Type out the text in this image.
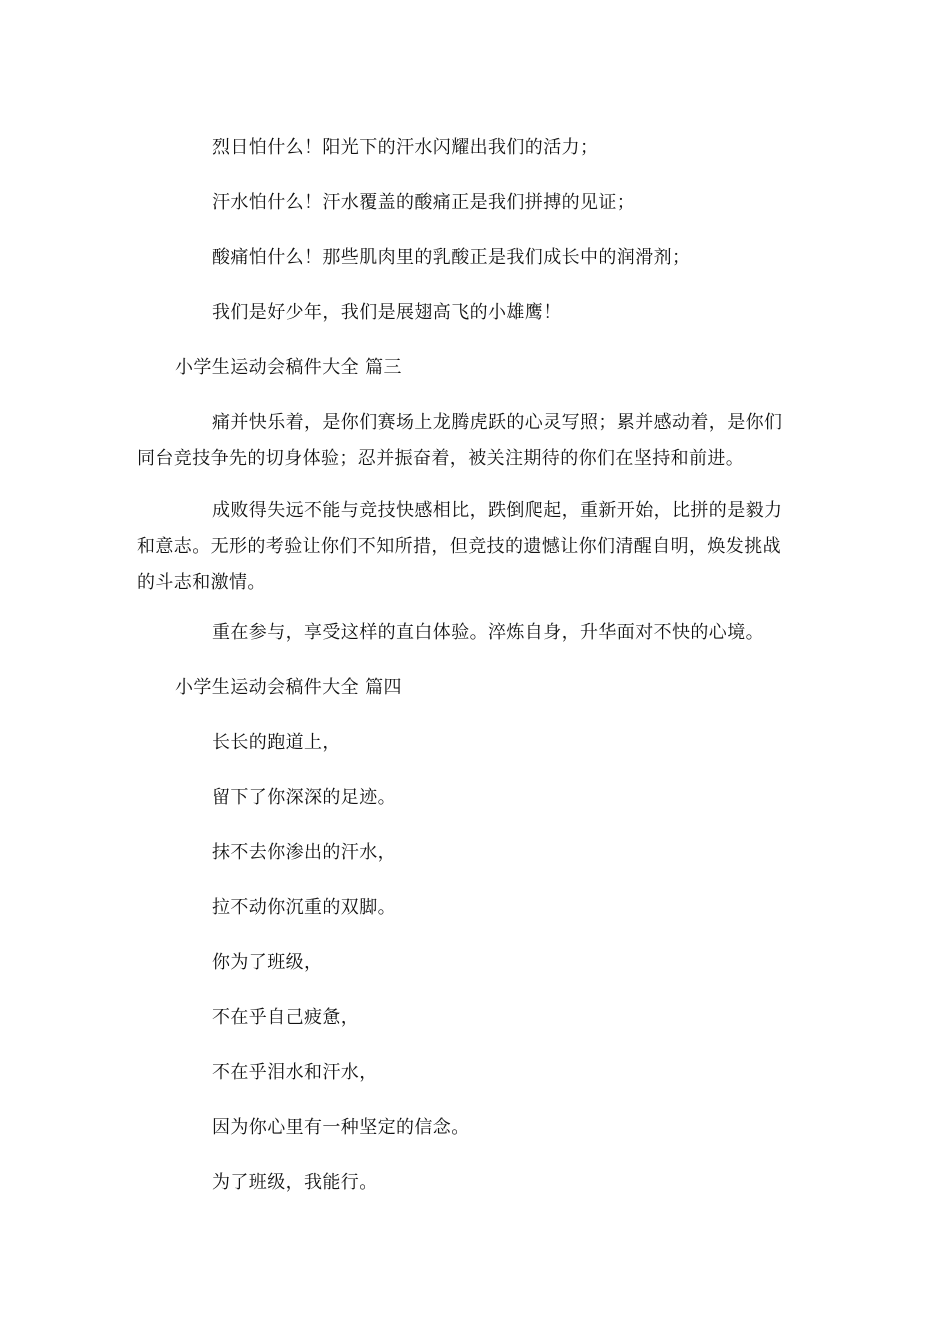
烈日怕什么！阳光下的汗水闪耀出我们的活力；
汗水怕什么！汗水覆盖的酸痛正是我们拼搏的见证；
酸痛怕什么！那些肌肉里的乳酸正是我们成长中的润滑剂；
我们是好少年，我们是展翅高飞的小雄鹰！
小学生运动会稿件大全 篇三
痛并快乐着，是你们赛场上龙腾虎跃的心灵写照；累并感动着，是你们
同台竞技争先的切身体验；忍并振奋着，被关注期待的你们在坚持和前进。
成败得失远不能与竞技快感相比，跌倒爬起，重新开始，比拼的是毅力
和意志。无形的考验让你们不知所措，但竞技的遗憾让你们清醒自明，焕发挑战
的斗志和激情。
重在参与，享受这样的直白体验。淬炼自身，升华面对不快的心境。
小学生运动会稿件大全 篇四
长长的跑道上，
留下了你深深的足迹。
抹不去你渗出的汗水，
拉不动你沉重的双脚。
你为了班级，
不在乎自己疲惫，
不在乎泪水和汗水，
因为你心里有一种坚定的信念。
为了班级，我能行。
